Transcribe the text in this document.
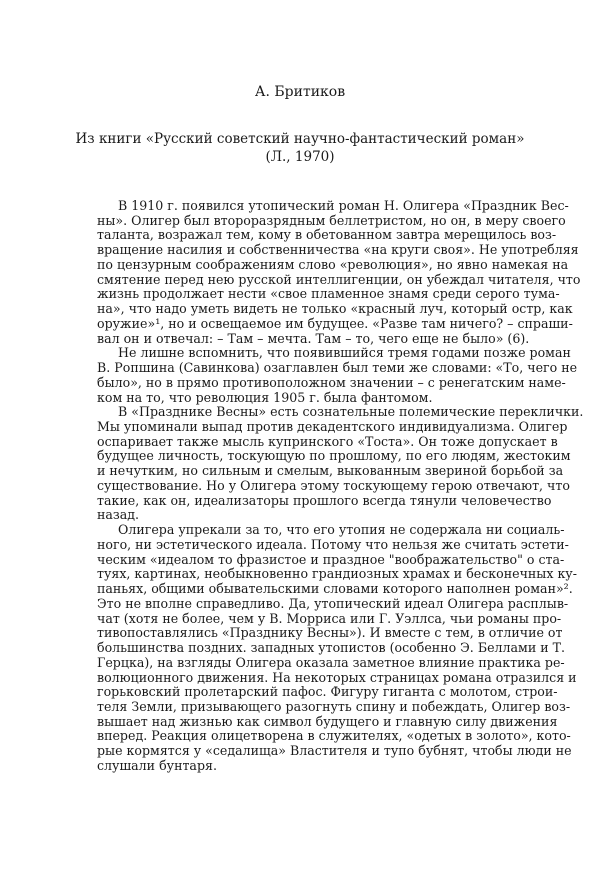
А. Бритиков
Из книги «Русский советский научно-фантастический роман»
(Л., 1970)
В 1910 г. появился утопический роман Н. Олигера «Праздник Вес-
ны». Олигер был второразрядным беллетристом, но он, в меру своего
таланта, возражал тем, кому в обетованном завтра мерещилось воз-
вращение насилия и собственничества «на круги своя». Не употребляя
по цензурным соображениям слово «революция», но явно намекая на
смятение перед нею русской интеллигенции, он убеждал читателя, что
жизнь продолжает нести «свое пламенное знамя среди серого тума-
на», что надо уметь видеть не только «красный луч, который остр, как
оружие»¹, но и освещаемое им будущее. «Разве там ничего? – спраши-
вал он и отвечал: – Там – мечта. Там – то, чего еще не было» (6).
Не лишне вспомнить, что появившийся тремя годами позже роман
В. Ропшина (Савинкова) озаглавлен был теми же словами: «То, чего не
было», но в прямо противоположном значении – с ренегатским наме-
ком на то, что революция 1905 г. была фантомом.
В «Празднике Весны» есть сознательные полемические переклички.
Мы упоминали выпад против декадентского индивидуализма. Олигер
оспаривает также мысль купринского «Тоста». Он тоже допускает в
будущее личность, тоскующую по прошлому, по его людям, жестоким
и нечутким, но сильным и смелым, выкованным звериной борьбой за
существование. Но у Олигера этому тоскующему герою отвечают, что
такие, как он, идеализаторы прошлого всегда тянули человечество
назад.
Олигера упрекали за то, что его утопия не содержала ни социаль-
ного, ни эстетического идеала. Потому что нельзя же считать эстети-
ческим «идеалом то фразистое и праздное "воображательство" о ста-
туях, картинах, необыкновенно грандиозных храмах и бесконечных ку-
паньях, общими обывательскими словами которого наполнен роман»².
Это не вполне справедливо. Да, утопический идеал Олигера расплыв-
чат (хотя не более, чем у В. Морриса или Г. Уэллса, чьи романы про-
тивопоставлялись «Празднику Весны»). И вместе с тем, в отличие от
большинства поздних. западных утопистов (особенно Э. Беллами и Т.
Герцка), на взгляды Олигера оказала заметное влияние практика ре-
волюционного движения. На некоторых страницах романа отразился и
горьковский пролетарский пафос. Фигуру гиганта с молотом, строи-
теля Земли, призывающего разогнуть спину и побеждать, Олигер воз-
вышает над жизнью как символ будущего и главную силу движения
вперед. Реакция олицетворена в служителях, «одетых в золото», кото-
рые кормятся у «седалища» Властителя и тупо бубнят, чтобы люди не
слушали бунтаря.
